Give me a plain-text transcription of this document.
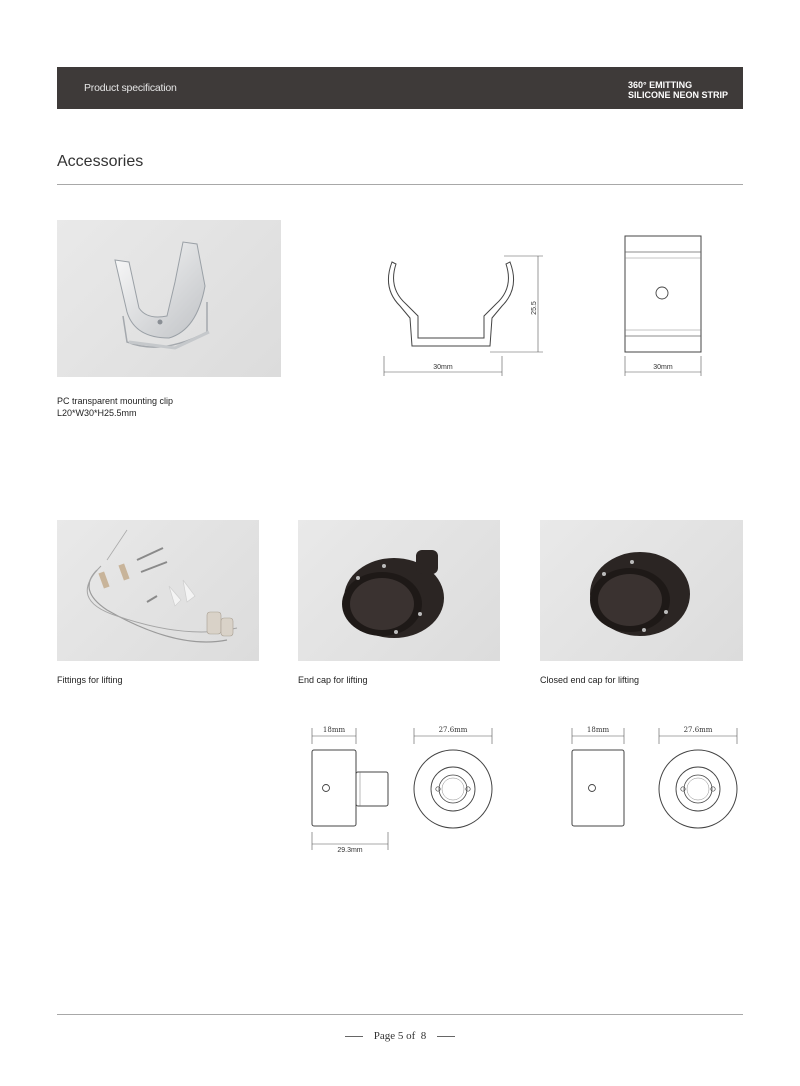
Product specification	360° EMITTING
SILICONE NEON STRIP
Accessories
PC transparent mounting clip
L20*W30*H25.5mm
25.5
30mm	30mm
Fittings for lifting	End cap for lifting	Closed end cap for lifting
18mm
29.3mm
27.6mm	18mm	27.6mm
Page 5 of 8
